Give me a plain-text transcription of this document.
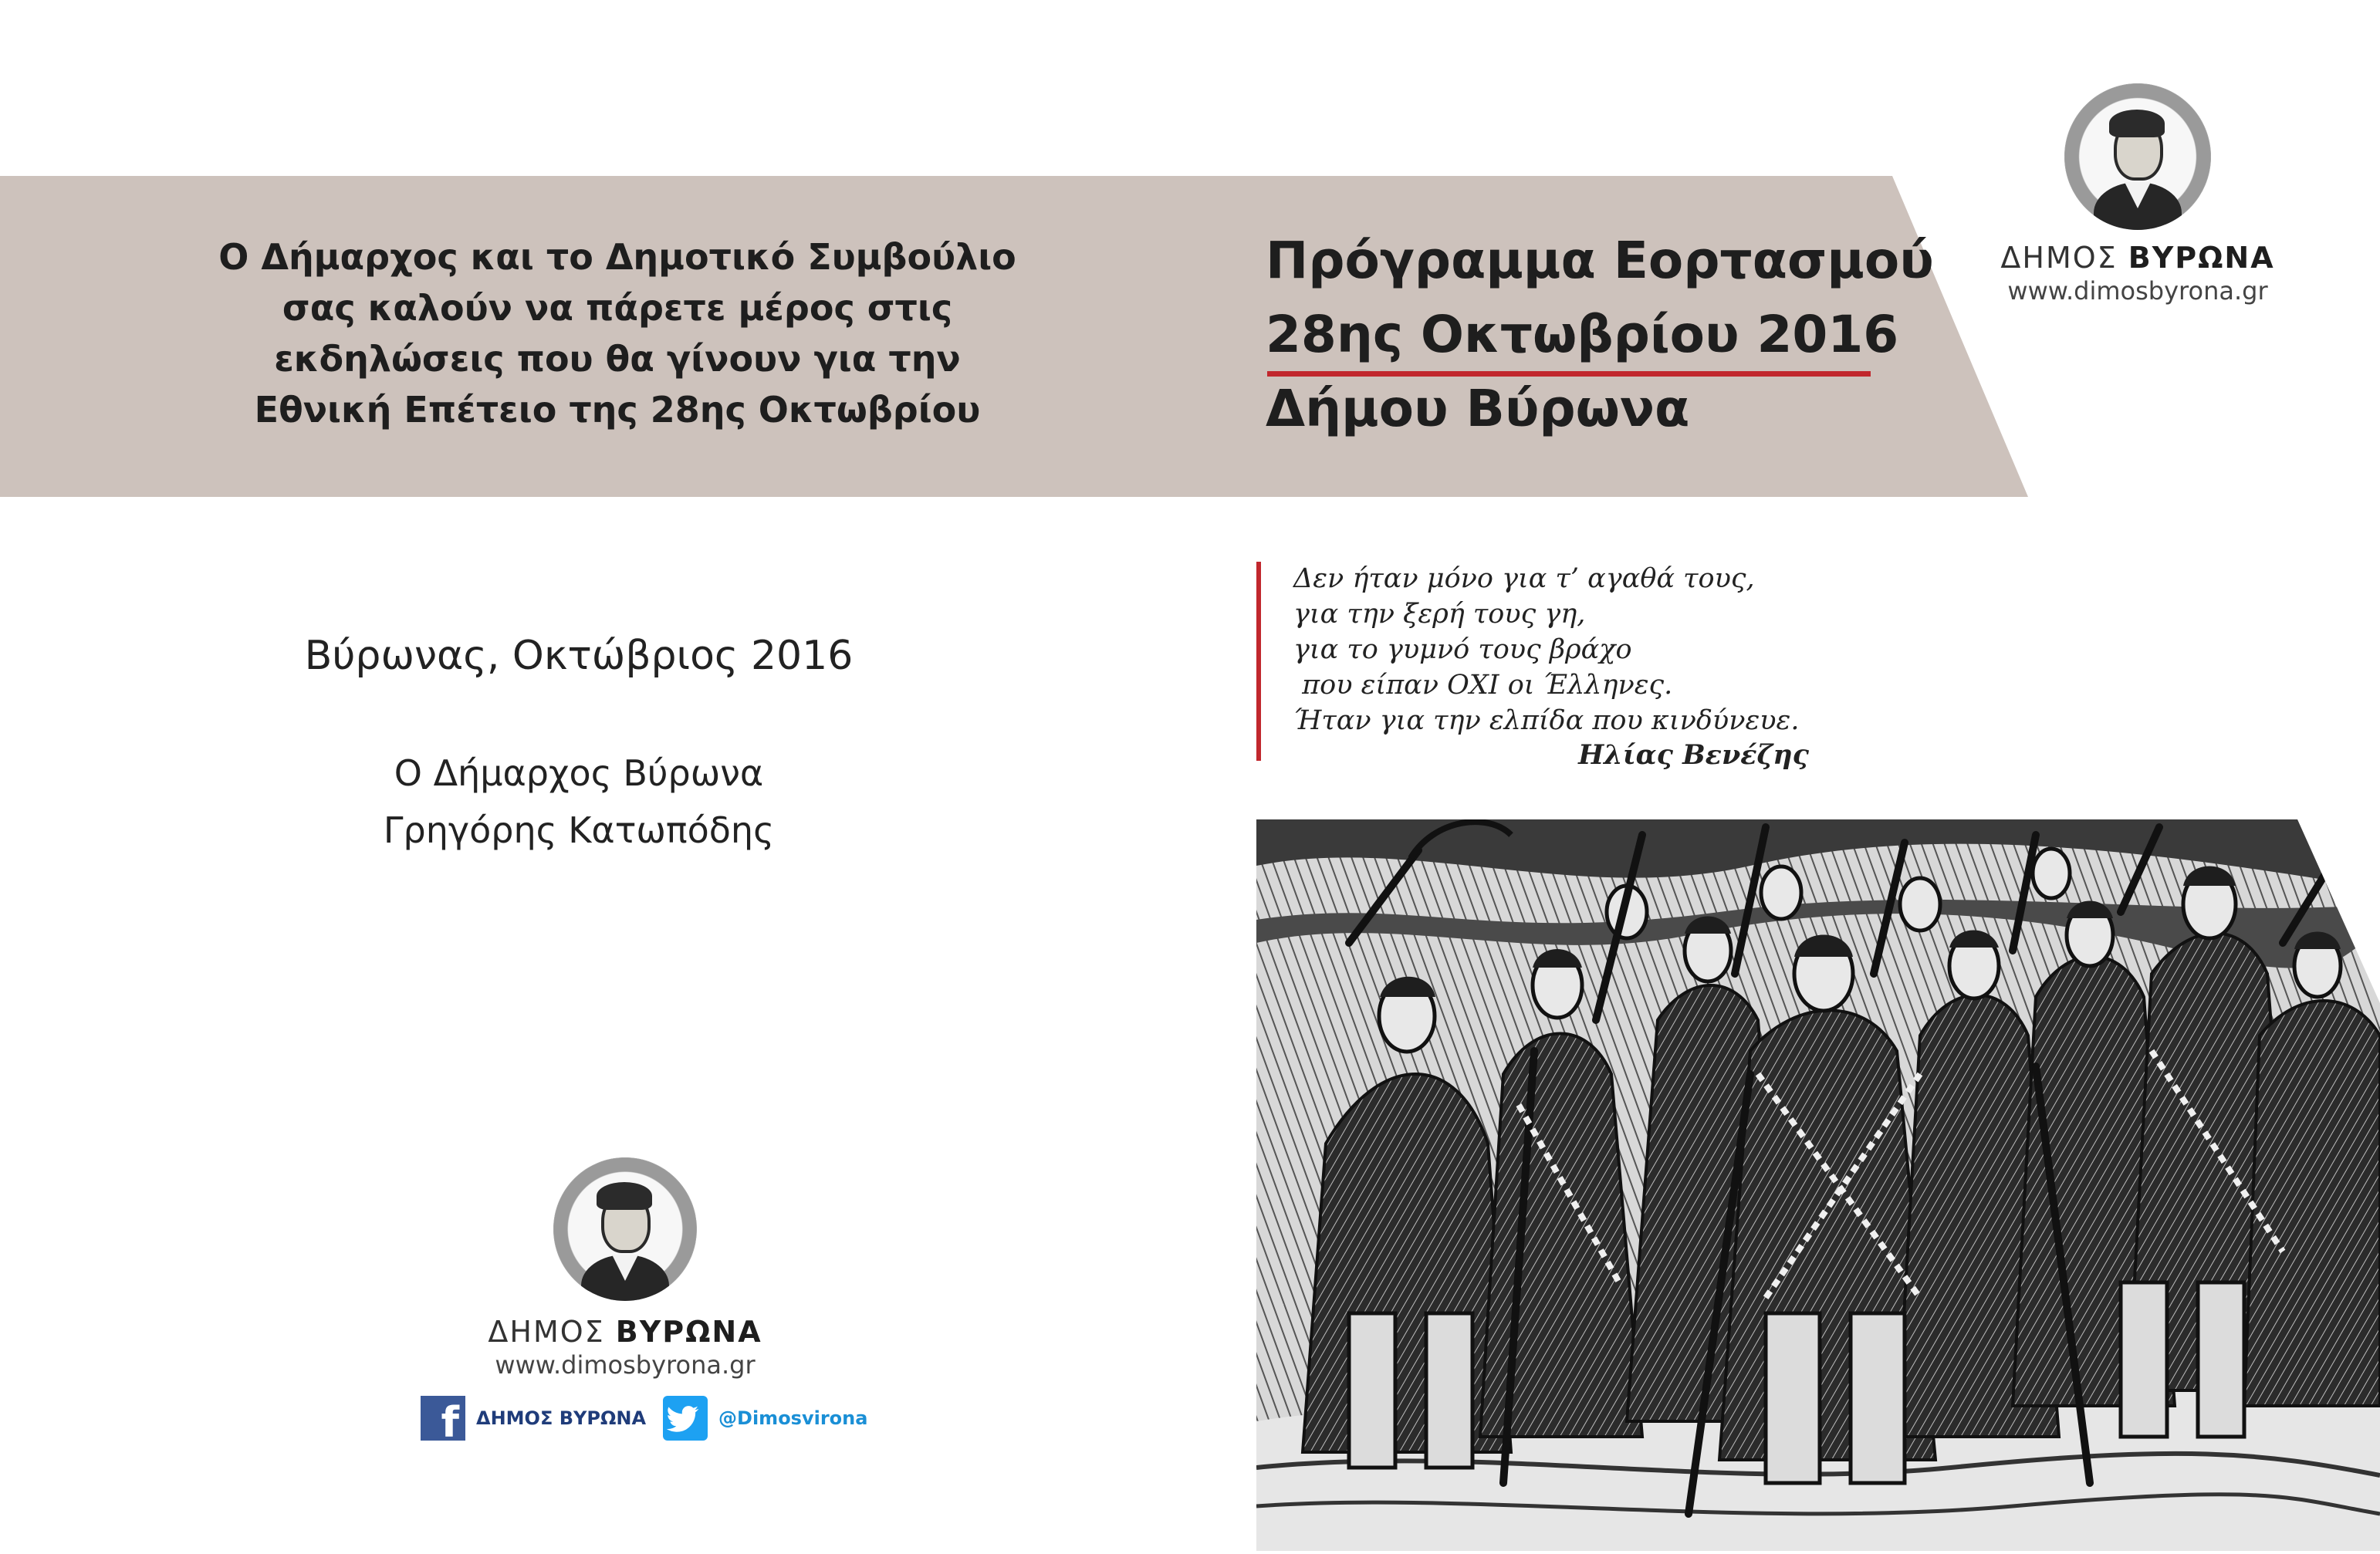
Ο Δήμαρχος και το Δημοτικό Συμβούλιο
σας καλούν να πάρετε μέρος στις
εκδηλώσεις που θα γίνουν για την
Εθνική Επέτειο της 28ης Οκτωβρίου
Πρόγραμμα Εορτασμού
28ης Οκτωβρίου 2016
Δήμου Βύρωνα
ΔΗΜΟΣ ΒΥΡΩΝΑ
www.dimosbyrona.gr
Βύρωνας, Οκτώβριος 2016
Ο Δήμαρχος Βύρωνα
Γρηγόρης Κατωπόδης
ΔΗΜΟΣ ΒΥΡΩΝΑ
www.dimosbyrona.gr
f ΔΗΜΟΣ ΒΥΡΩΝΑ	@Dimosvirona
Δεν ήταν μόνο για τ’ αγαθά τους,
για την ξερή τους γη,
για το γυμνό τους βράχο
που είπαν ΟΧΙ οι Έλληνες.
Ήταν για την ελπίδα που κινδύνευε.
Ηλίας Βενέζης
